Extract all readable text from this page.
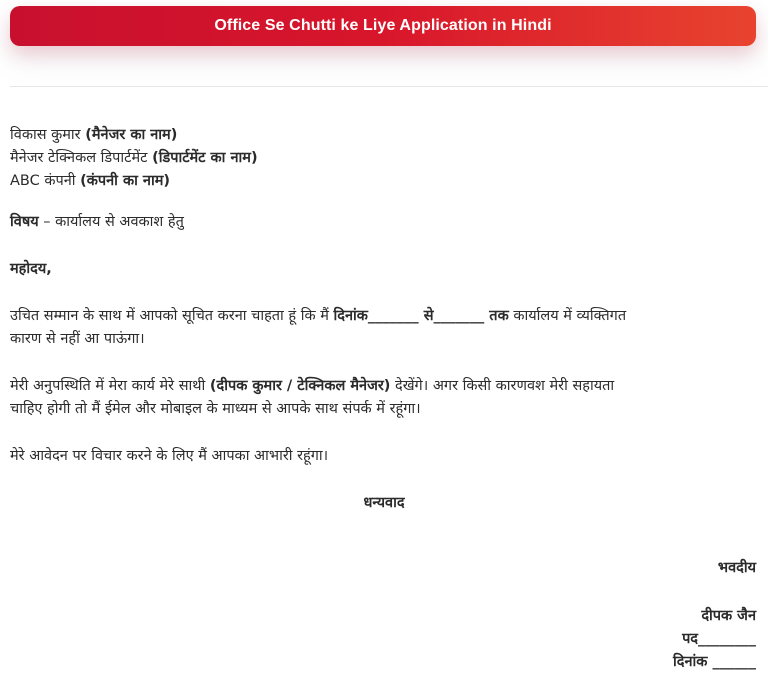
Office Se Chutti ke Liye Application in Hindi
विकास कुमार (मैनेजर का नाम)
मैनेजर टेक्निकल डिपार्टमेंट (डिपार्टमेंट का नाम)
ABC कंपनी (कंपनी का नाम)

विषय – कार्यालय से अवकाश हेतु

महोदय,

उचित सम्मान के साथ में आपको सूचित करना चाहता हूं कि मैं दिनांक_______ से_______ तक कार्यालय में व्यक्तिगत
कारण से नहीं आ पाऊंगा।

मेरी अनुपस्थिति में मेरा कार्य मेरे साथी (दीपक कुमार / टेक्निकल मैनेजर) देखेंगे। अगर किसी कारणवश मेरी सहायता
चाहिए होगी तो मैं ईमेल और मोबाइल के माध्यम से आपके साथ संपर्क में रहूंगा।

मेरे आवेदन पर विचार करने के लिए मैं आपका आभारी रहूंगा।

धन्यवाद

भवदीय
दीपक जैन
पद________
दिनांक ______
